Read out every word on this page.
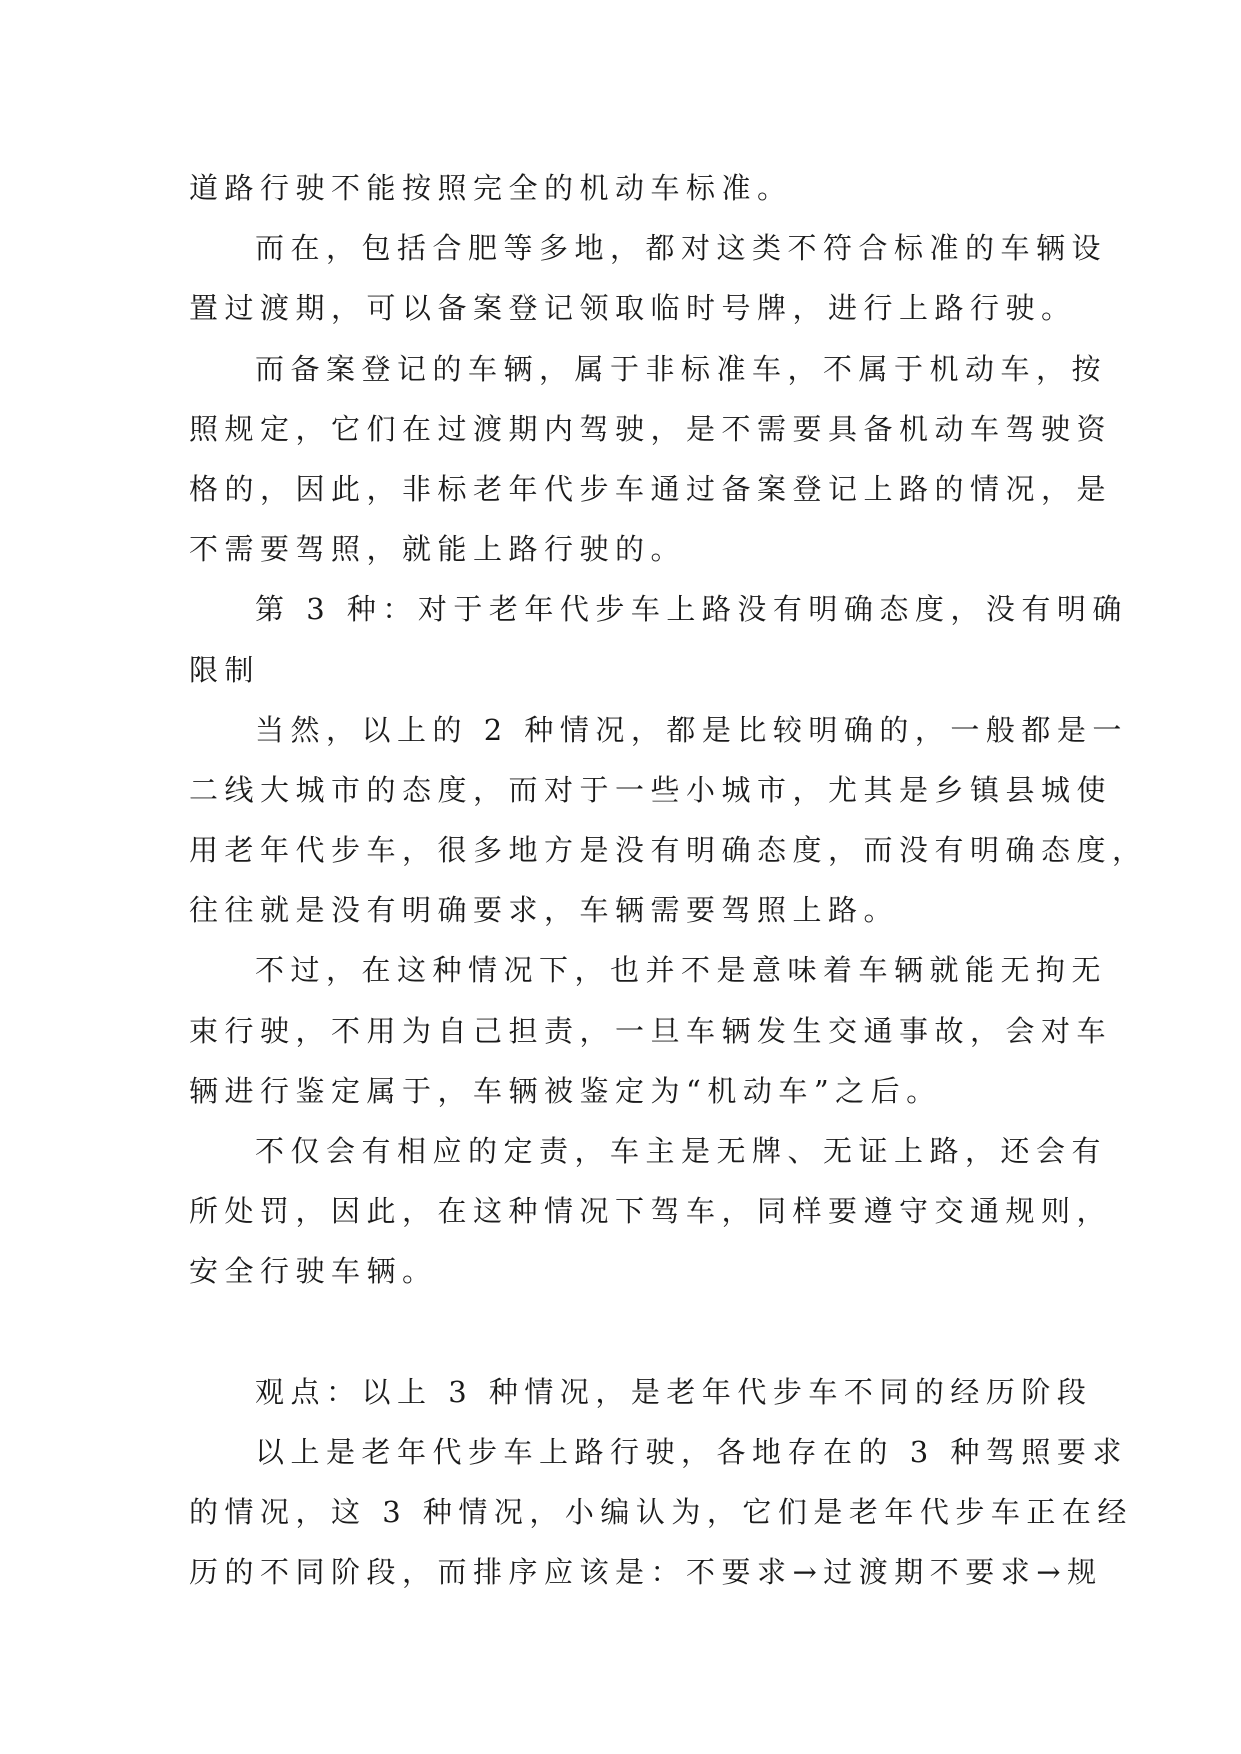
道路行驶不能按照完全的机动车标准。
而在，包括合肥等多地，都对这类不符合标准的车辆设
置过渡期，可以备案登记领取临时号牌，进行上路行驶。
而备案登记的车辆，属于非标准车，不属于机动车，按
照规定，它们在过渡期内驾驶，是不需要具备机动车驾驶资
格的，因此，非标老年代步车通过备案登记上路的情况，是
不需要驾照，就能上路行驶的。
第 3 种：对于老年代步车上路没有明确态度，没有明确
限制
当然，以上的 2 种情况，都是比较明确的，一般都是一
二线大城市的态度，而对于一些小城市，尤其是乡镇县城使
用老年代步车，很多地方是没有明确态度，而没有明确态度，
往往就是没有明确要求，车辆需要驾照上路。
不过，在这种情况下，也并不是意味着车辆就能无拘无
束行驶，不用为自己担责，一旦车辆发生交通事故，会对车
辆进行鉴定属于，车辆被鉴定为“机动车”之后。
不仅会有相应的定责，车主是无牌、无证上路，还会有
所处罚，因此，在这种情况下驾车，同样要遵守交通规则，
安全行驶车辆。
观点：以上 3 种情况，是老年代步车不同的经历阶段
以上是老年代步车上路行驶，各地存在的 3 种驾照要求
的情况，这 3 种情况，小编认为，它们是老年代步车正在经
历的不同阶段，而排序应该是：不要求→过渡期不要求→规
